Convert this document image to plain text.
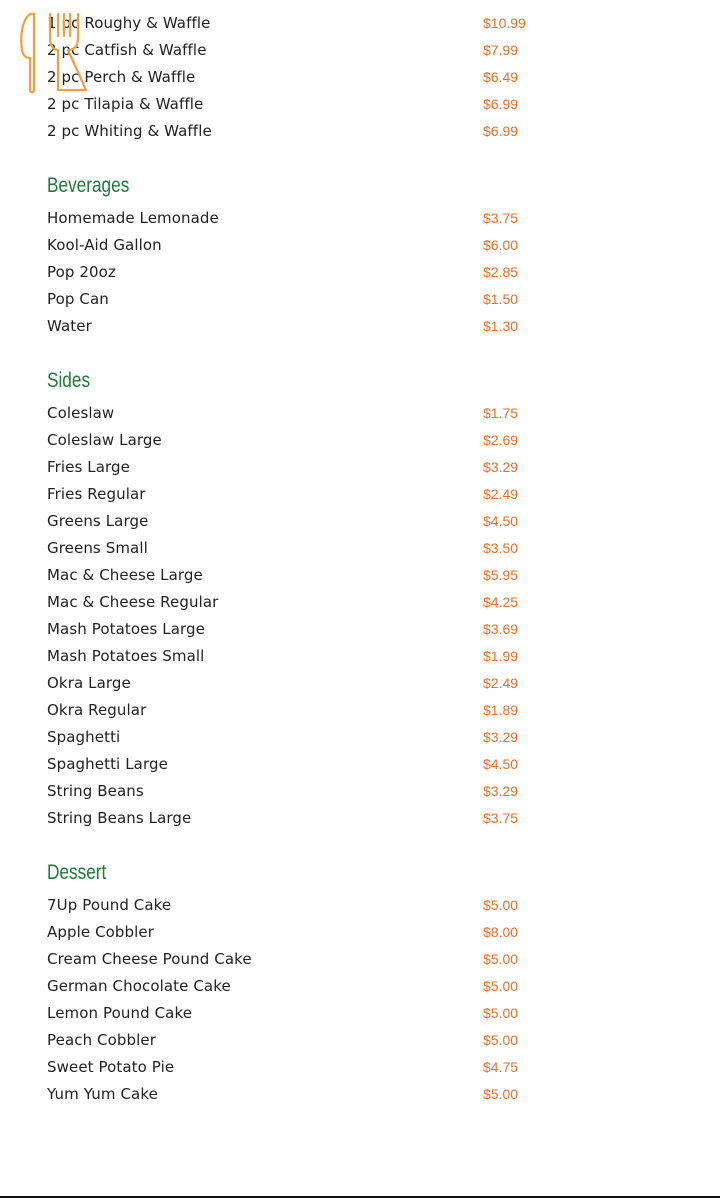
1 pc Roughy & Waffle	$10.99
2 pc Catfish & Waffle	$7.99
2 pc Perch & Waffle	$6.49
2 pc Tilapia & Waffle	$6.99
2 pc Whiting & Waffle	$6.99
Beverages
Homemade Lemonade	$3.75
Kool-Aid Gallon	$6.00
Pop 20oz	$2.85
Pop Can	$1.50
Water	$1.30
Sides
Coleslaw	$1.75
Coleslaw Large	$2.69
Fries Large	$3.29
Fries Regular	$2.49
Greens Large	$4.50
Greens Small	$3.50
Mac & Cheese Large	$5.95
Mac & Cheese Regular	$4.25
Mash Potatoes Large	$3.69
Mash Potatoes Small	$1.99
Okra Large	$2.49
Okra Regular	$1.89
Spaghetti	$3.29
Spaghetti Large	$4.50
String Beans	$3.29
String Beans Large	$3.75
Dessert
7Up Pound Cake	$5.00
Apple Cobbler	$8.00
Cream Cheese Pound Cake	$5.00
German Chocolate Cake	$5.00
Lemon Pound Cake	$5.00
Peach Cobbler	$5.00
Sweet Potato Pie	$4.75
Yum Yum Cake	$5.00
